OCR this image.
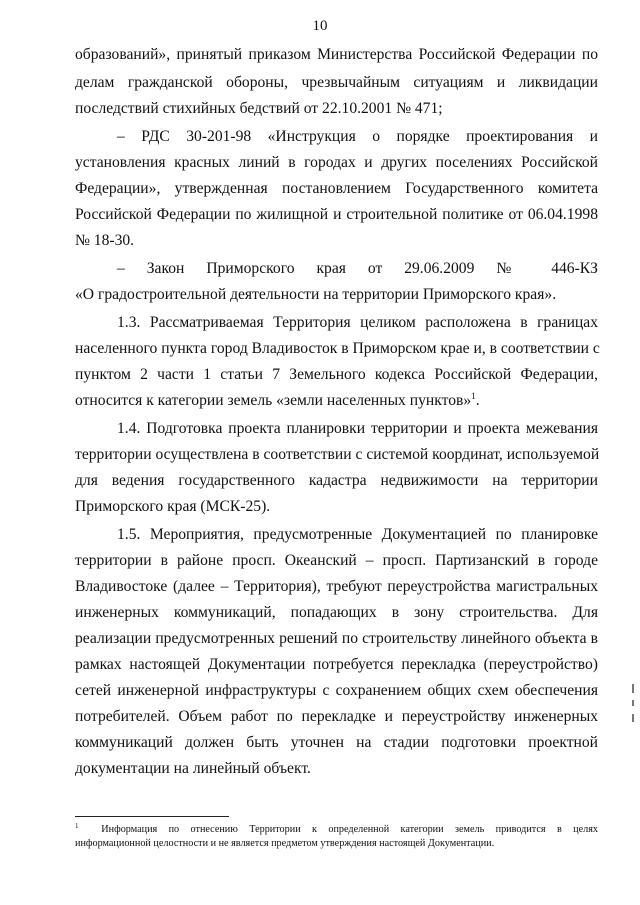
10
образований», принятый приказом Министерства Российской Федерации по
делам гражданской обороны, чрезвычайным ситуациям и ликвидации
последствий стихийных бедствий от 22.10.2001 № 471;
– РДС 30-201-98 «Инструкция о порядке проектирования и
установления красных линий в городах и других поселениях Российской
Федерации», утвержденная постановлением Государственного комитета
Российской Федерации по жилищной и строительной политике от 06.04.1998
№ 18-30.
– Закон Приморского края от 29.06.2009 № 446-КЗ
«О градостроительной деятельности на территории Приморского края».
1.3. Рассматриваемая Территория целиком расположена в границах
населенного пункта город Владивосток в Приморском крае и, в соответствии с
пунктом 2 части 1 статьи 7 Земельного кодекса Российской Федерации,
относится к категории земель «земли населенных пунктов»$^1$.
1.4. Подготовка проекта планировки территории и проекта межевания
территории осуществлена в соответствии с системой координат, используемой
для ведения государственного кадастра недвижимости на территории
Приморского края (МСК-25).
1.5. Мероприятия, предусмотренные Документацией по планировке
территории в районе просп. Океанский – просп. Партизанский в городе
Владивостоке (далее – Территория), требуют переустройства магистральных
инженерных коммуникаций, попадающих в зону строительства. Для
реализации предусмотренных решений по строительству линейного объекта в
рамках настоящей Документации потребуется перекладка (переустройство)
сетей инженерной инфраструктуры с сохранением общих схем обеспечения
потребителей. Объем работ по перекладке и переустройству инженерных
коммуникаций должен быть уточнен на стадии подготовки проектной
документации на линейный объект.
$^1$ Информация по отнесению Территории к определенной категории земель приводится в целях
информационной целостности и не является предметом утверждения настоящей Документации.
